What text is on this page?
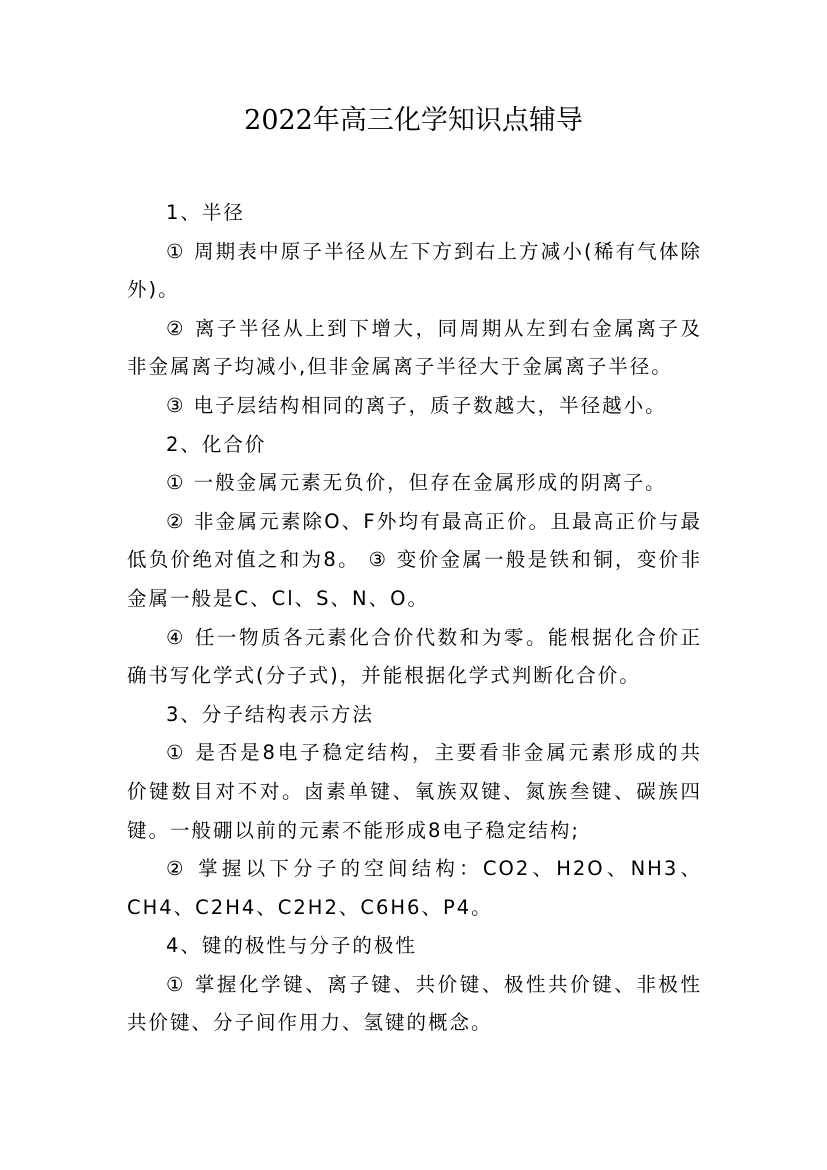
2022年高三化学知识点辅导

1、半径

① 周期表中原子半径从左下方到右上方减小(稀有气体除外)。

② 离子半径从上到下增大，同周期从左到右金属离子及非金属离子均减小,但非金属离子半径大于金属离子半径。

③ 电子层结构相同的离子，质子数越大，半径越小。

2、化合价

① 一般金属元素无负价，但存在金属形成的阴离子。

② 非金属元素除O、F外均有最高正价。且最高正价与最低负价绝对值之和为8。 ③ 变价金属一般是铁和铜，变价非金属一般是C、Cl、S、N、O。

④ 任一物质各元素化合价代数和为零。能根据化合价正确书写化学式(分子式)，并能根据化学式判断化合价。

3、分子结构表示方法

① 是否是8电子稳定结构，主要看非金属元素形成的共价键数目对不对。卤素单键、氧族双键、氮族叁键、碳族四键。一般硼以前的元素不能形成8电子稳定结构;

② 掌握以下分子的空间结构：CO2、H2O、NH3、CH4、C2H4、C2H2、C6H6、P4。

4、键的极性与分子的极性

① 掌握化学键、离子键、共价键、极性共价键、非极性共价键、分子间作用力、氢键的概念。
